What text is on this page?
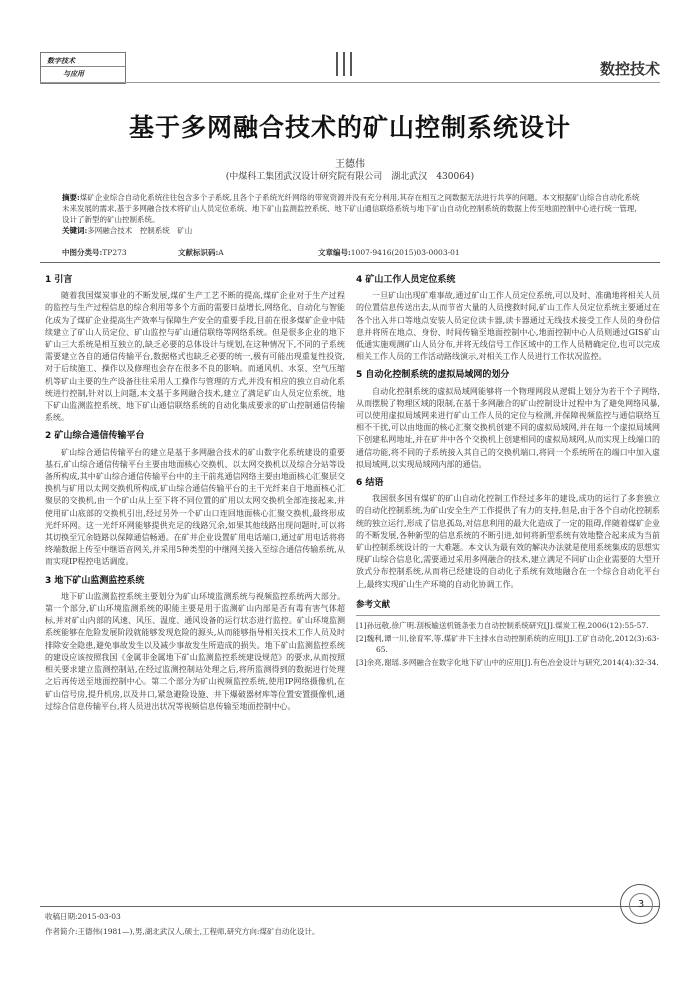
数字技术
与应用	数控技术
基于多网融合技术的矿山控制系统设计
王德伟
(中煤科工集团武汉设计研究院有限公司　湖北武汉　430064)
摘要:煤矿企业综合自动化系统往往包含多个子系统,且各个子系统光纤网络的带宽资源并没有充分利用,其存在相互之间数据无法进行共享的问题。本文根据矿山综合自动化系统未来发展的需求,基于多网融合技术将矿山人员定位系统、地下矿山监测监控系统、地下矿山通信联络系统与地下矿山自动化控制系统的数据上传至地面控制中心进行统一管理,设计了新型的矿山控制系统。
关键词:多网融合技术　控制系统　矿山
中图分类号:TP273	文献标识码:A	文章编号:1007-9416(2015)03-0003-01
1 引言

随着我国煤炭事业的不断发展,煤矿生产工艺不断的提高,煤矿企业对于生产过程的监控与生产过程信息的综合利用等多个方面的需要日益增长,网络化、自动化与智能化成为了煤矿企业提高生产效率与保障生产安全的重要手段,目前在很多煤矿企业中陆续建立了矿山人员定位、矿山监控与矿山通信联络等网络系统。但是很多企业的地下矿山三大系统是相互独立的,缺乏必要的总体设计与规划,在这种情况下,不同的子系统需要建立各自的通信传输平台,数据格式也缺乏必要的统一,极有可能出现重复性投资,对于后续施工、操作以及修理也会存在很多不良的影响。而通风机、水泵、空气压缩机等矿山主要的生产设备往往采用人工操作与管理的方式,并没有相应的独立自动化系统进行控制,针对以上问题,本文基于多网融合技术,建立了满足矿山人员定位系统、地下矿山监测监控系统、地下矿山通信联络系统的自动化集成要求的矿山控制通信传输系统。

2 矿山综合通信传输平台

矿山综合通信传输平台的建立是基于多网融合技术的矿山数字化系统建设的重要基石,矿山综合通信传输平台主要由地面核心交换机、以太网交换机以及综合分站等设备所构成,其中矿山综合通信传输平台中的主干前兆通信网络主要由地面核心汇聚层交换机与矿用以太网交换机所构成,矿山综合通信传输平台的主干光纤来自于地面核心汇聚层的交换机,由一个矿山从上至下将不同位置的矿用以太网交换机全部连接起来,并使用矿山底部的交换机引出,经过另外一个矿山口连回地面核心汇聚交换机,最终形成光纤环网。这一光纤环网能够提供充足的线路冗余,如果其他线路出现问题时,可以将其切换至冗余链路以保障通信畅通。在矿井企业设置矿用电话端口,通过矿用电话将将终端数据上传至中继语音网关,并采用5种类型的中继网关接入至综合通信传输系统,从而实现IP程控电话调度。

3 地下矿山监测监控系统

地下矿山监测监控系统主要划分为矿山环境监测系统与视频监控系统两大部分。第一个部分,矿山环境监测系统的职能主要是用于监测矿山内部是否有毒有害气体超标,并对矿山内部的风速、风压、温度、通风设备的运行状态进行监控。矿山环境监测系统能够在危险发展阶段就能够发现危险的源头,从而能够指导相关技术工作人员及时排除安全隐患,避免事故发生以及减少事故发生所造成的损失。地下矿山监测监控系统的建设应该按照我国《金属非金属地下矿山监测监控系统建设规范》的要求,从而按照相关要求建立监测控制站,在经过监测控制站处理之后,将所监测得到的数据进行处理之后再传送至地面控制中心。第二个部分为矿山视频监控系统,使用IP网络摄像机,在矿山信号房,提升机房,以及井口,紧急避险设施、井下爆破器材库等位置安置摄像机,通过综合信息传输平台,将人员进出状况等视频信息传输至地面控制中心。

4 矿山工作人员定位系统

一旦矿山出现矿难事故,通过矿山工作人员定位系统,可以及时、准确地将相关人员的位置信息传送出去,从而节省大量的人员搜救时间,矿山工作人员定位系统主要通过在各个出入井口等地点安装人员定位读卡器,读卡器通过无线技术接受工作人员的身份信息并将所在地点、身份、时间传输至地面控制中心,地面控制中心人员则通过GIS矿山低通实施观测矿山人员分布,并将无线信号工作区域中的工作人员精确定位,也可以完成相关工作人员的工作活动路线演示,对相关工作人员进行工作状况监控。

5 自动化控制系统的虚拟局域网的划分

自动化控制系统的虚拟局域网能够将一个物理网段从逻辑上划分为若干个子网络,从而摆脱了物理区域的限制,在基于多网融合的矿山控制设计过程中为了避免网络风暴,可以使用虚拟局域网来进行矿山工作人员的定位与检测,并保障视频监控与通信联络互相不干扰,可以由地面的核心汇聚交换机创建不同的虚拟局域网,并在每一个虚拟局域网下创建私网地址,并在矿井中各个交换机上创建相同的虚拟局域网,从而实现上线端口的通信功能,将不同的子系统接入其自己的交换机端口,将同一个系统所在的端口中加入虚拟局域网,以实现局域网内部的通信。

6 结语

我国很多国有煤矿的矿山自动化控制工作经过多年的建设,成功的运行了多套独立的自动化控制系统,为矿山安全生产工作提供了有力的支持,但是,由于各个自动化控制系统的独立运行,形成了信息孤岛,对信息利用的最大化造成了一定的阻碍,伴随着煤矿企业的不断发展,各种新型的信息系统的不断引进,如何将新型系统有效地整合起来成为当前矿山控制系统设计的一大难题。本文认为最有效的解决办法就是使用系统集成的思想实现矿山综合信息化,需要通过采用多网融合的技术,建立满足不同矿山企业需要的大型开放式分布控制系统,从而将已经建设的自动化子系统有效地融合在一个综合自动化平台上,最终实现矿山生产环境的自动化协调工作。

参考文献

[1]孙远敬,徐广明.刮板输送机链条张力自动控制系统研究[J].煤炭工程,2006(12):55-57.

[2]魏利,谭一川,徐育军,等.煤矿井下主排水自动控制系统的应用[J].工矿自动化,2012(3):63-65.

[3]余亮,谢瑶.多网融合在数字化地下矿山中的应用[J].有色冶金设计与研究,2014(4):32-34.

收稿日期:2015-03-03
作者简介:王德伟(1981—),男,湖北武汉人,硕士,工程师,研究方向:煤矿自动化设计。
3
